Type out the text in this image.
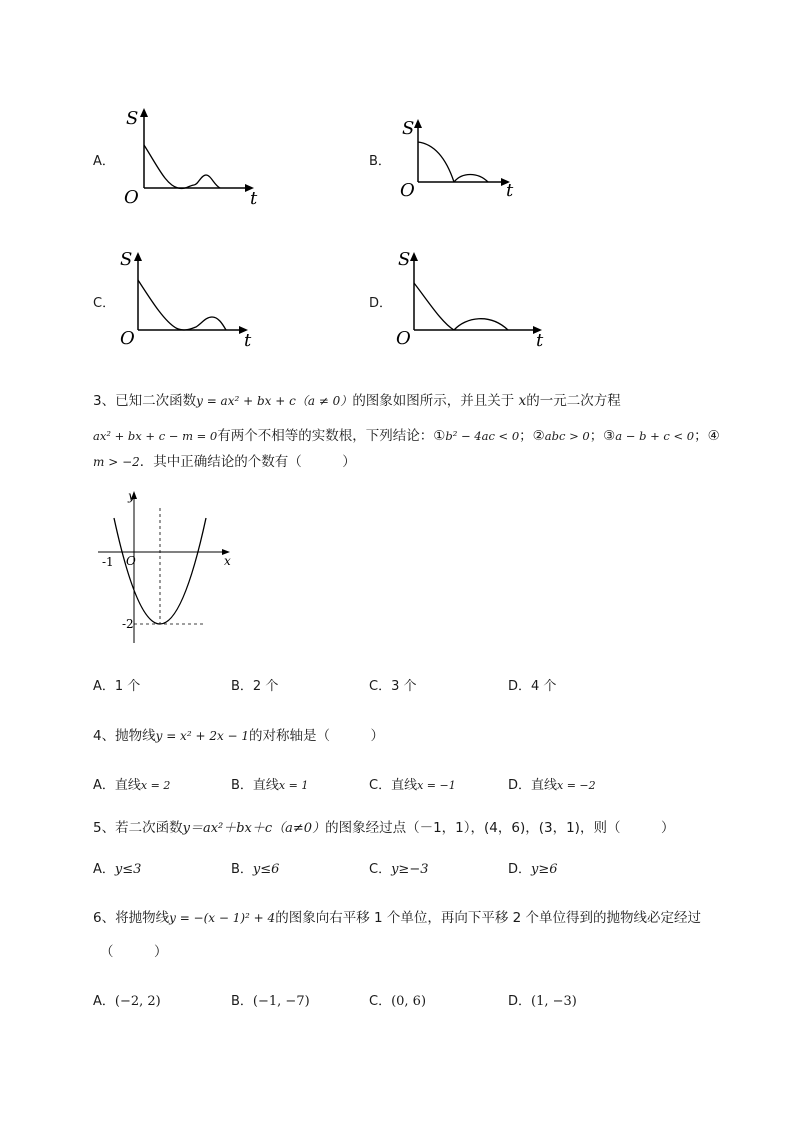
A．
S
O	t
B．
S
O	t
C．
S
O	t
D．
S
O	t
3、已知二次函数y = ax² + bx + c（a ≠ 0）的图象如图所示，并且关于 x的一元二次方程
ax² + bx + c − m = 0有两个不相等的实数根，下列结论：①b² − 4ac < 0；②abc > 0；③a − b + c < 0；④
m > −2．其中正确结论的个数有（　　　）
y
x
O
-1
-2
A．1 个	B．2 个	C．3 个	D．4 个
4、抛物线y = x² + 2x − 1的对称轴是（　　　）
A．直线x = 2	B．直线x = 1	C．直线x = −1	D．直线x = −2
5、若二次函数y＝ax²＋bx＋c（a≠0）的图象经过点（－1，1），(4，6)，(3，1)，则（　　　）
A．y≤3	B．y≤6	C．y≥−3	D．y≥6
6、将抛物线y = −(x − 1)² + 4的图象向右平移 1 个单位，再向下平移 2 个单位得到的抛物线必定经过
（　　　）
A．(−2, 2)	B．(−1, −7)	C．(0, 6)	D．(1, −3)
